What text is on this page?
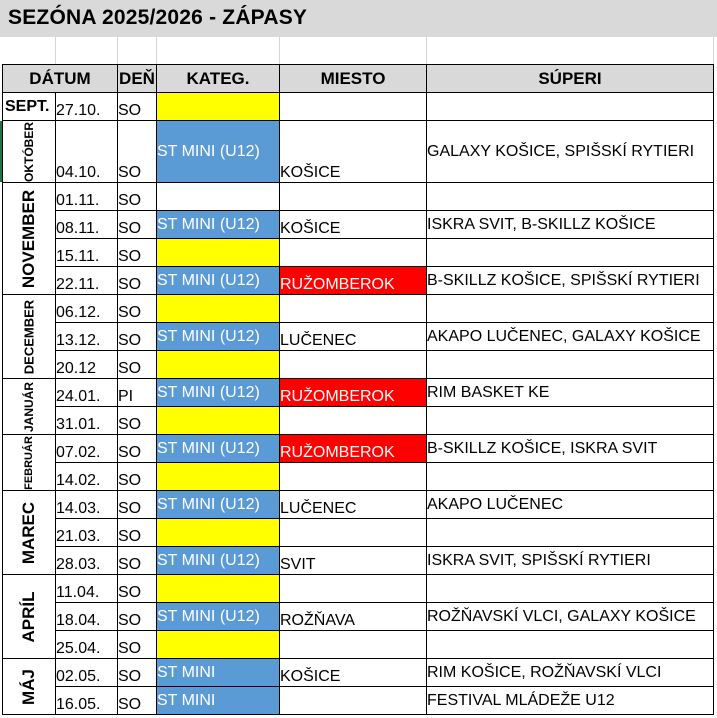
SEZÓNA 2025/2026 - ZÁPASY
DÁTUM		DEŇ	KATEG.	MIESTO	SÚPERI
SEPT.	27.10.	SO			

OKTÓBER	04.10.	SO	ST MINI (U12)	KOŠICE	GALAXY KOŠICE, SPIŠSKÍ RYTIERI

NOVEMBER	01.11.	SO			
	08.11.	SO	ST MINI (U12)	KOŠICE	ISKRA SVIT, B-SKILLZ KOŠICE
	15.11.	SO			
	22.11.	SO	ST MINI (U12)	RUŽOMBEROK	B-SKILLZ KOŠICE, SPIŠSKÍ RYTIERI

DECEMBER	06.12.	SO			
	13.12.	SO	ST MINI (U12)	LUČENEC	AKAPO LUČENEC, GALAXY KOŠICE
	20.12	SO			

JANUÁR	24.01.	PI	ST MINI (U12)	RUŽOMBEROK	RIM BASKET KE
	31.01.	SO			

FEBRUÁR	07.02.	SO	ST MINI (U12)	RUŽOMBEROK	B-SKILLZ KOŠICE, ISKRA SVIT
	14.02.	SO			

MAREC	14.03.	SO	ST MINI (U12)	LUČENEC	AKAPO LUČENEC
	21.03.	SO			
	28.03.	SO	ST MINI (U12)	SVIT	ISKRA SVIT, SPIŠSKÍ RYTIERI

APRÍL	11.04.	SO			
	18.04.	SO	ST MINI (U12)	ROŽŇAVA	ROŽŇAVSKÍ VLCI, GALAXY KOŠICE
	25.04.	SO			

MÁJ	02.05.	SO	ST MINI	KOŠICE	RIM KOŠICE, ROŽŇAVSKÍ VLCI
	16.05.	SO	ST MINI		FESTIVAL MLÁDEŽE U12
